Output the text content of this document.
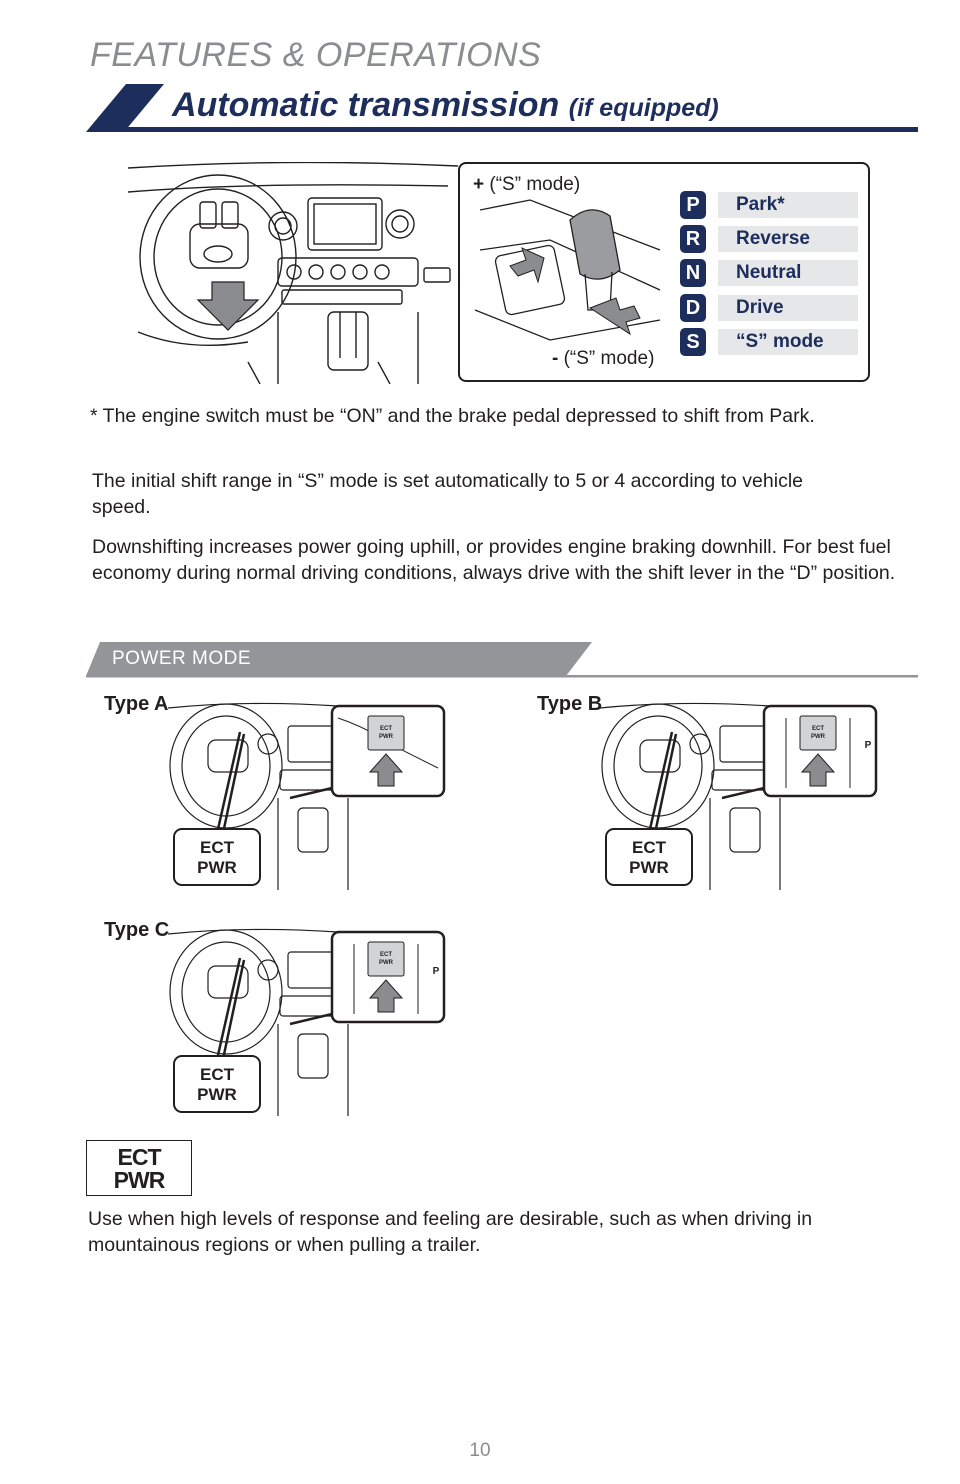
FEATURES & OPERATIONS
Automatic transmission (if equipped)
+ (“S” mode)
- (“S” mode)
P	Park*
R	Reverse
N	Neutral
D	Drive
S	“S” mode
* The engine switch must be “ON” and the brake pedal depressed to shift from Park.
The initial shift range in “S” mode is set automatically to 5 or 4 according to vehicle speed.
Downshifting increases power going uphill, or provides engine braking downhill. For best fuel economy during normal driving conditions, always drive with the shift lever in the “D” position.
POWER MODE
Type A
ECT
PWR
ECT
PWR
Type B
ECT
PWR
P
ECT
PWR
Type C
ECT
PWR
P
ECT
PWR
ECT
PWR
Use when high levels of response and feeling are desirable, such as when driving in mountainous regions or when pulling a trailer.
10
